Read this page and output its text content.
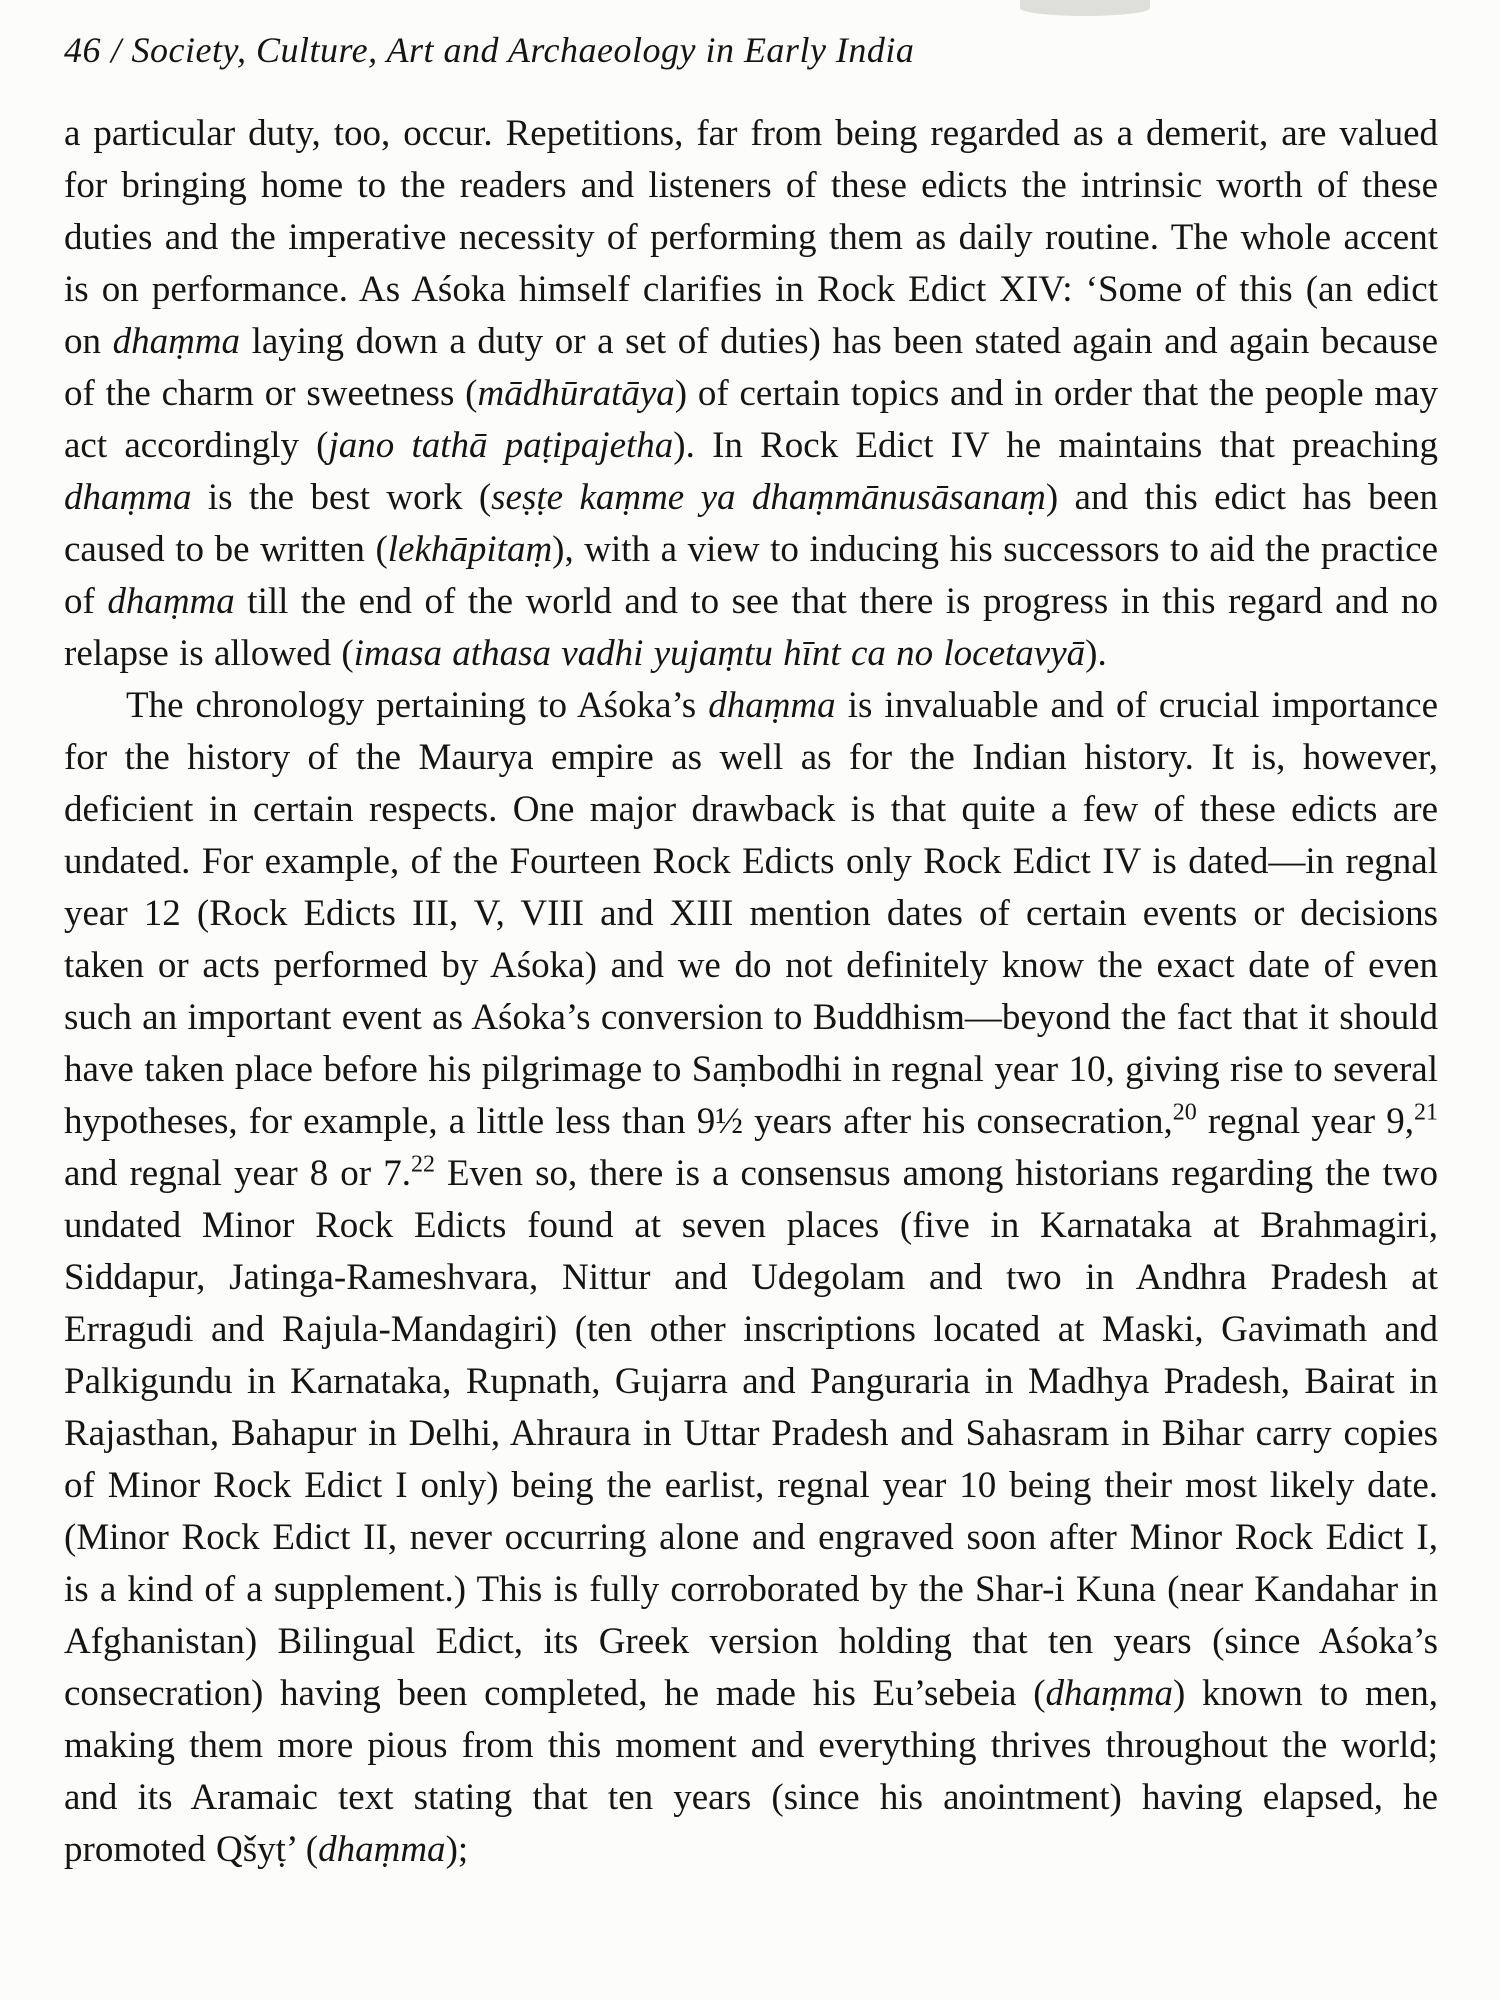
46 / Society, Culture, Art and Archaeology in Early India

a particular duty, too, occur. Repetitions, far from being regarded as a demerit, are valued for bringing home to the readers and listeners of these edicts the intrinsic worth of these duties and the imperative necessity of performing them as daily routine. The whole accent is on performance. As Aśoka himself clarifies in Rock Edict XIV: ‘Some of this (an edict on dhaṃma laying down a duty or a set of duties) has been stated again and again because of the charm or sweetness (mādhūratāya) of certain topics and in order that the people may act accordingly (jano tathā paṭipajetha). In Rock Edict IV he maintains that preaching dhaṃma is the best work (seṣṭe kaṃme ya dhaṃmānusāsanaṃ) and this edict has been caused to be written (lekhāpitaṃ), with a view to inducing his successors to aid the practice of dhaṃma till the end of the world and to see that there is progress in this regard and no relapse is allowed (imasa athasa vadhi yujaṃtu hīnt ca no locetavyā).

The chronology pertaining to Aśoka’s dhaṃma is invaluable and of crucial importance for the history of the Maurya empire as well as for the Indian history. It is, however, deficient in certain respects. One major drawback is that quite a few of these edicts are undated. For example, of the Fourteen Rock Edicts only Rock Edict IV is dated—in regnal year 12 (Rock Edicts III, V, VIII and XIII mention dates of certain events or decisions taken or acts performed by Aśoka) and we do not definitely know the exact date of even such an important event as Aśoka’s conversion to Buddhism—beyond the fact that it should have taken place before his pilgrimage to Saṃbodhi in regnal year 10, giving rise to several hypotheses, for example, a little less than 9½ years after his consecration,$^{20}$ regnal year 9,21 and regnal year 8 or 7.22 Even so, there is a consensus among historians regarding the two undated Minor Rock Edicts found at seven places (five in Karnataka at Brahmagiri, Siddapur, Jatinga-Rameshvara, Nittur and Udegolam and two in Andhra Pradesh at Erragudi and Rajula-Mandagiri) (ten other inscriptions located at Maski, Gavimath and Palkigundu in Karnataka, Rupnath, Gujarra and Panguraria in Madhya Pradesh, Bairat in Rajasthan, Bahapur in Delhi, Ahraura in Uttar Pradesh and Sahasram in Bihar carry copies of Minor Rock Edict I only) being the earlist, regnal year 10 being their most likely date. (Minor Rock Edict II, never occurring alone and engraved soon after Minor Rock Edict I, is a kind of a supplement.) This is fully corroborated by the Shar-i Kuna (near Kandahar in Afghanistan) Bilingual Edict, its Greek version holding that ten years (since Aśoka’s consecration) having been completed, he made his Eu’sebeia (dhaṃma) known to men, making them more pious from this moment and everything thrives throughout the world; and its Aramaic text stating that ten years (since his anointment) having elapsed, he promoted Qšyṭ’ (dhaṃma);
